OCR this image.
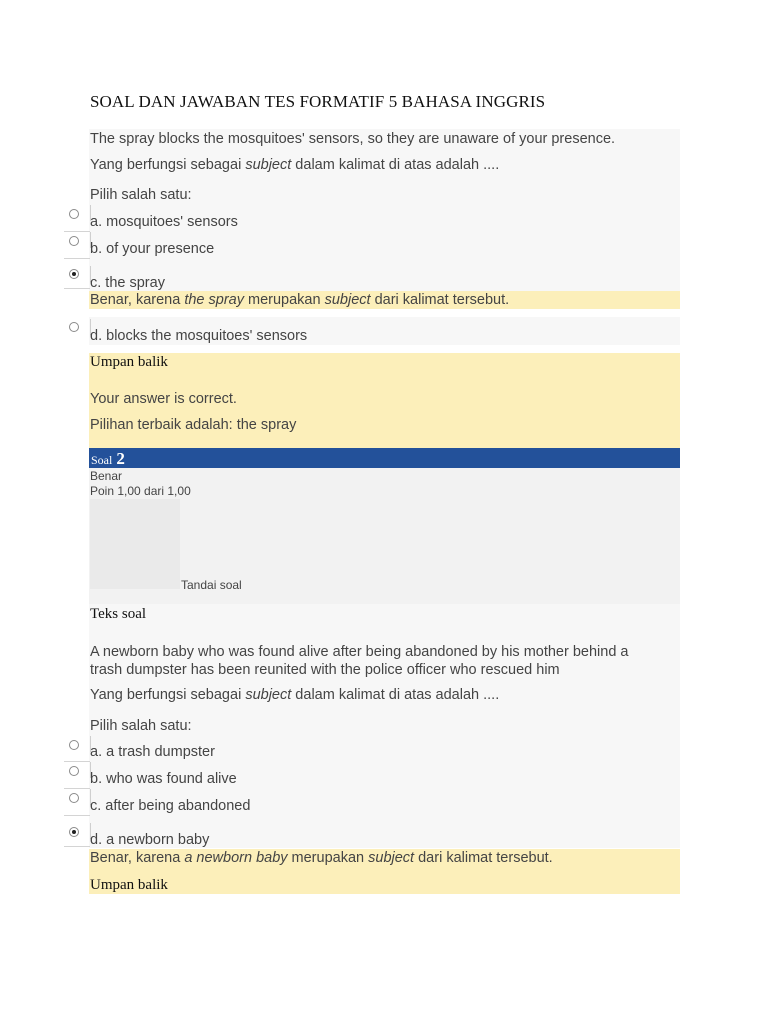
SOAL DAN JAWABAN TES FORMATIF 5 BAHASA INGGRIS
The spray blocks the mosquitoes' sensors, so they are unaware of your presence.
Yang berfungsi sebagai subject dalam kalimat di atas adalah ....
Pilih salah satu:
a. mosquitoes' sensors
b. of your presence
c. the spray
Benar, karena the spray merupakan subject dari kalimat tersebut.
d. blocks the mosquitoes' sensors
Umpan balik
Your answer is correct.
Pilihan terbaik adalah: the spray
Soal 2
Benar
Poin 1,00 dari 1,00
Tandai soal
Teks soal
A newborn baby who was found alive after being abandoned by his mother behind a
trash dumpster has been reunited with the police officer who rescued him
Yang berfungsi sebagai subject dalam kalimat di atas adalah ....
Pilih salah satu:
a. a trash dumpster
b. who was found alive
c. after being abandoned
d. a newborn baby
Benar, karena a newborn baby merupakan subject dari kalimat tersebut.
Umpan balik
